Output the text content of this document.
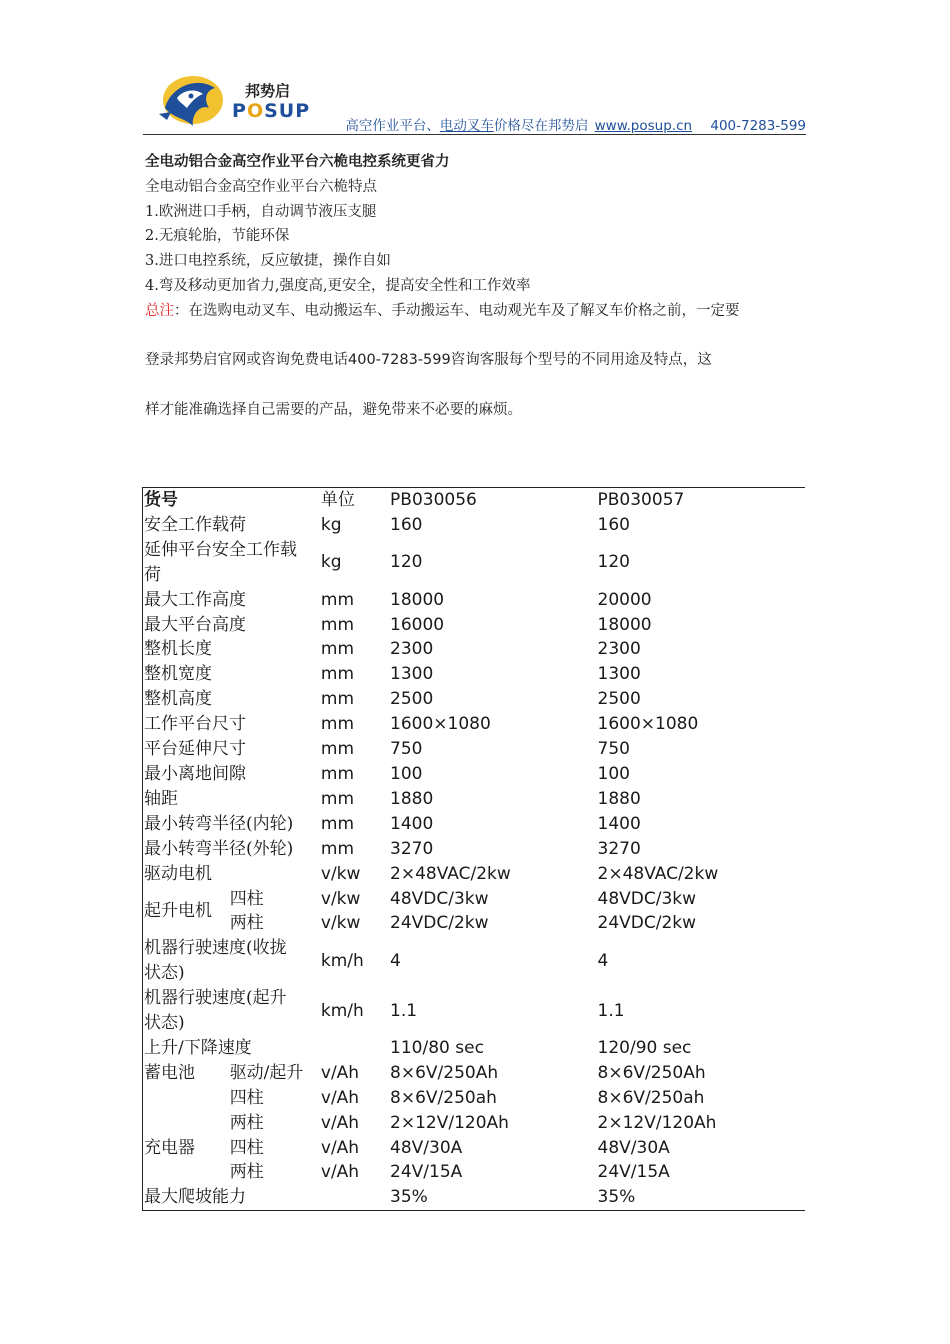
邦势启
POSUP
高空作业平台、电动叉车价格尽在邦势启 www.posup.cn 400-7283-599
全电动铝合金高空作业平台六桅电控系统更省力
全电动铝合金高空作业平台六桅特点
1.欧洲进口手柄，自动调节液压支腿
2.无痕轮胎，节能环保
3.进口电控系统，反应敏捷，操作自如
4.弯及移动更加省力,强度高,更安全，提高安全性和工作效率
总注：在选购电动叉车、电动搬运车、手动搬运车、电动观光车及了解叉车价格之前，一定要
登录邦势启官网或咨询免费电话400-7283-599咨询客服每个型号的不同用途及特点，这
样才能准确选择自己需要的产品，避免带来不必要的麻烦。
货号		单位	PB030056	PB030057
安全工作载荷		kg	160	160
延伸平台安全工作载
荷		kg	120	120
最大工作高度		mm	18000	20000
最大平台高度		mm	16000	18000
整机长度		mm	2300	2300
整机宽度		mm	1300	1300
整机高度		mm	2500	2500
工作平台尺寸		mm	1600×1080	1600×1080
平台延伸尺寸		mm	750	750
最小离地间隙		mm	100	100
轴距		mm	1880	1880
最小转弯半径(内轮)		mm	1400	1400
最小转弯半径(外轮)		mm	3270	3270
驱动电机		v/kw	2×48VAC/2kw	2×48VAC/2kw
起升电机	四柱	v/kw	48VDC/3kw	48VDC/3kw
	两柱	v/kw	24VDC/2kw	24VDC/2kw
机器行驶速度(收拢
状态)		km/h	4	4
机器行驶速度(起升
状态)		km/h	1.1	1.1
上升/下降速度			110/80 sec	120/90 sec
蓄电池	驱动/起升	v/Ah	8×6V/250Ah	8×6V/250Ah
	四柱	v/Ah	8×6V/250ah	8×6V/250ah
	两柱	v/Ah	2×12V/120Ah	2×12V/120Ah
充电器	四柱	v/Ah	48V/30A	48V/30A
	两柱	v/Ah	24V/15A	24V/15A
最大爬坡能力			35%	35%
